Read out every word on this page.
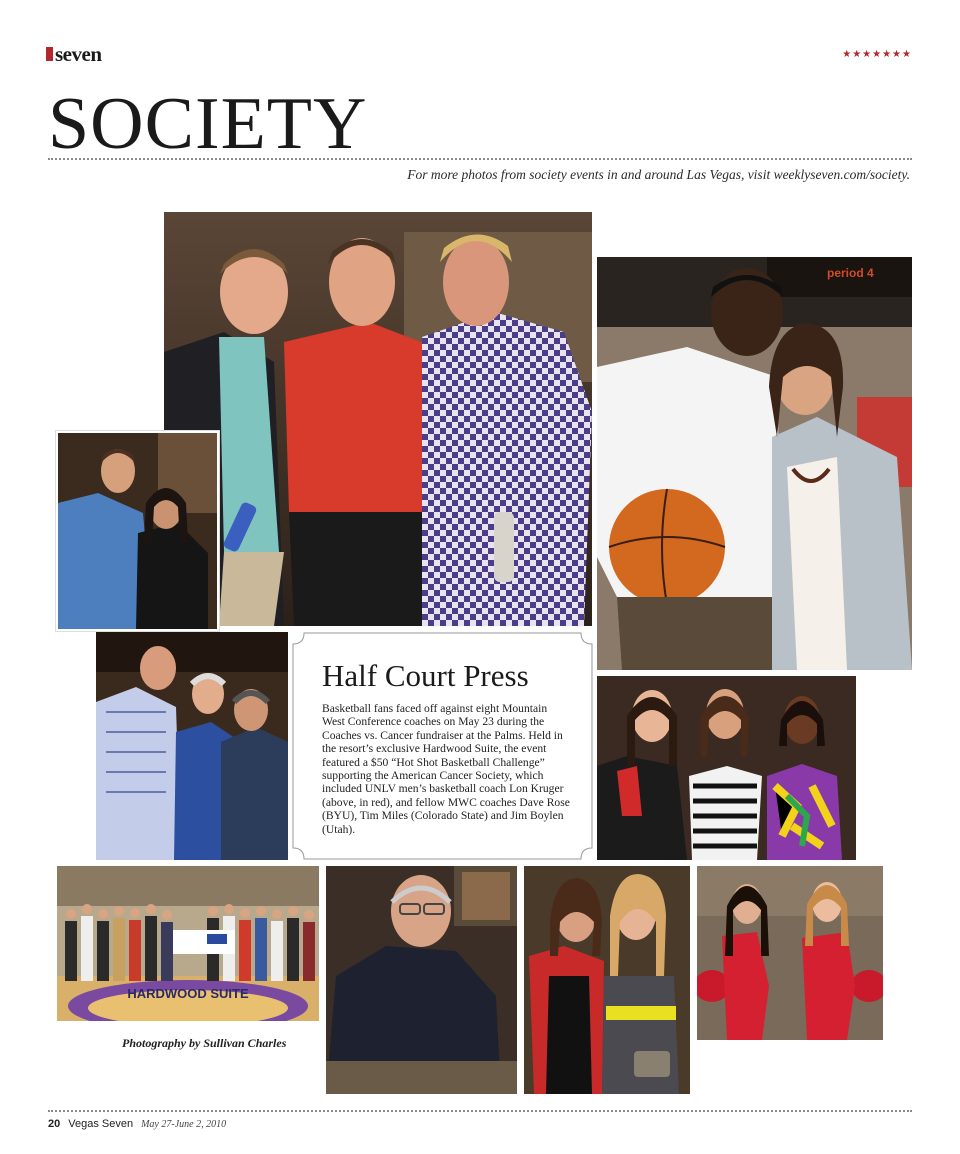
seven	★★★★★★★
SOCIETY
For more photos from society events in and around Las Vegas, visit weeklyseven.com/society.
period 4
Half Court Press
Basketball fans faced off against eight Mountain West Conference coaches on May 23 during the Coaches vs. Cancer fundraiser at the Palms. Held in the resort’s exclusive Hardwood Suite, the event featured a $50 “Hot Shot Basketball Challenge” supporting the American Cancer Society, which included UNLV men’s basketball coach Lon Kruger (above, in red), and fellow MWC coaches Dave Rose (BYU), Tim Miles (Colorado State) and Jim Boylen (Utah).
HARDWOOD SUITE
Photography by Sullivan Charles
20 Vegas Seven May 27-June 2, 2010
